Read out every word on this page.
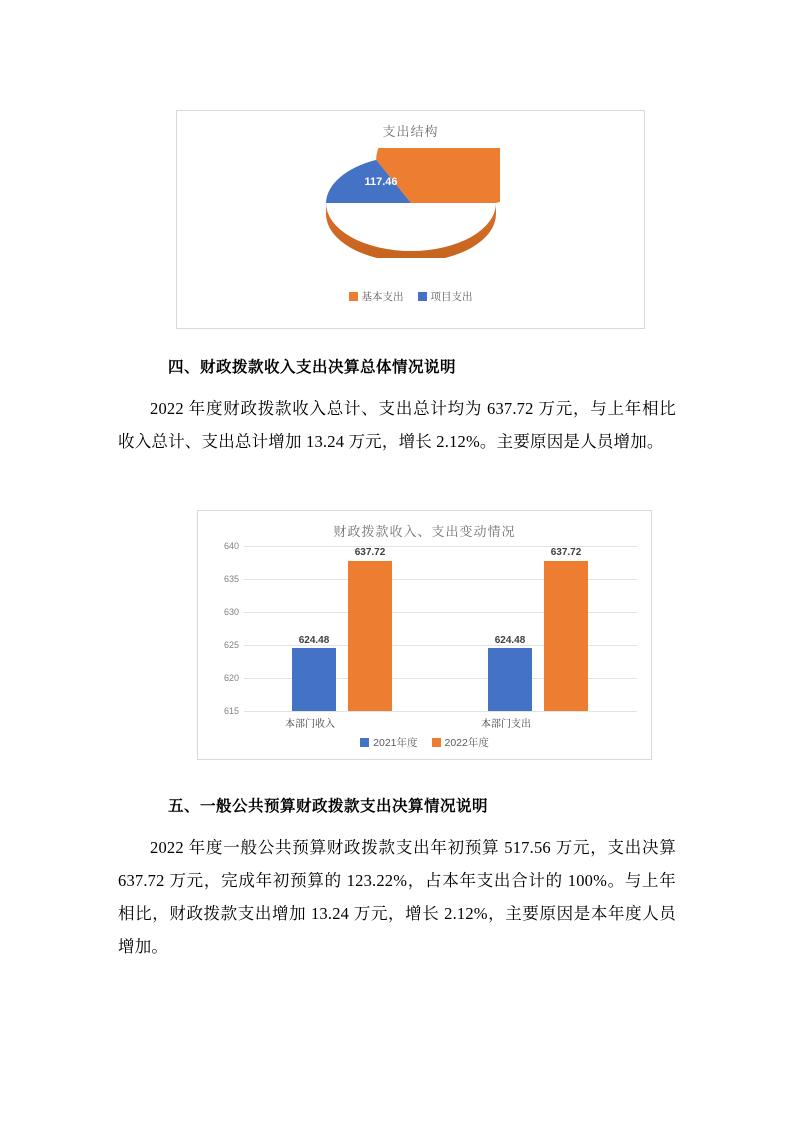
支出结构
520.26
117.46
基本支出	项目支出
四、财政拨款收入支出决算总体情况说明
2022 年度财政拨款收入总计、支出总计均为 637.72 万元，与上年相比收入总计、支出总计增加 13.24 万元，增长 2.12%。主要原因是人员增加。
财政拨款收入、支出变动情况
640
635
630
625
620
615
624.48
637.72
624.48
637.72
本部门收入	本部门支出
2021年度	2022年度
五、一般公共预算财政拨款支出决算情况说明
2022 年度一般公共预算财政拨款支出年初预算 517.56 万元，支出决算 637.72 万元，完成年初预算的 123.22%，占本年支出合计的 100%。与上年相比，财政拨款支出增加 13.24 万元，增长 2.12%，主要原因是本年度人员增加。
